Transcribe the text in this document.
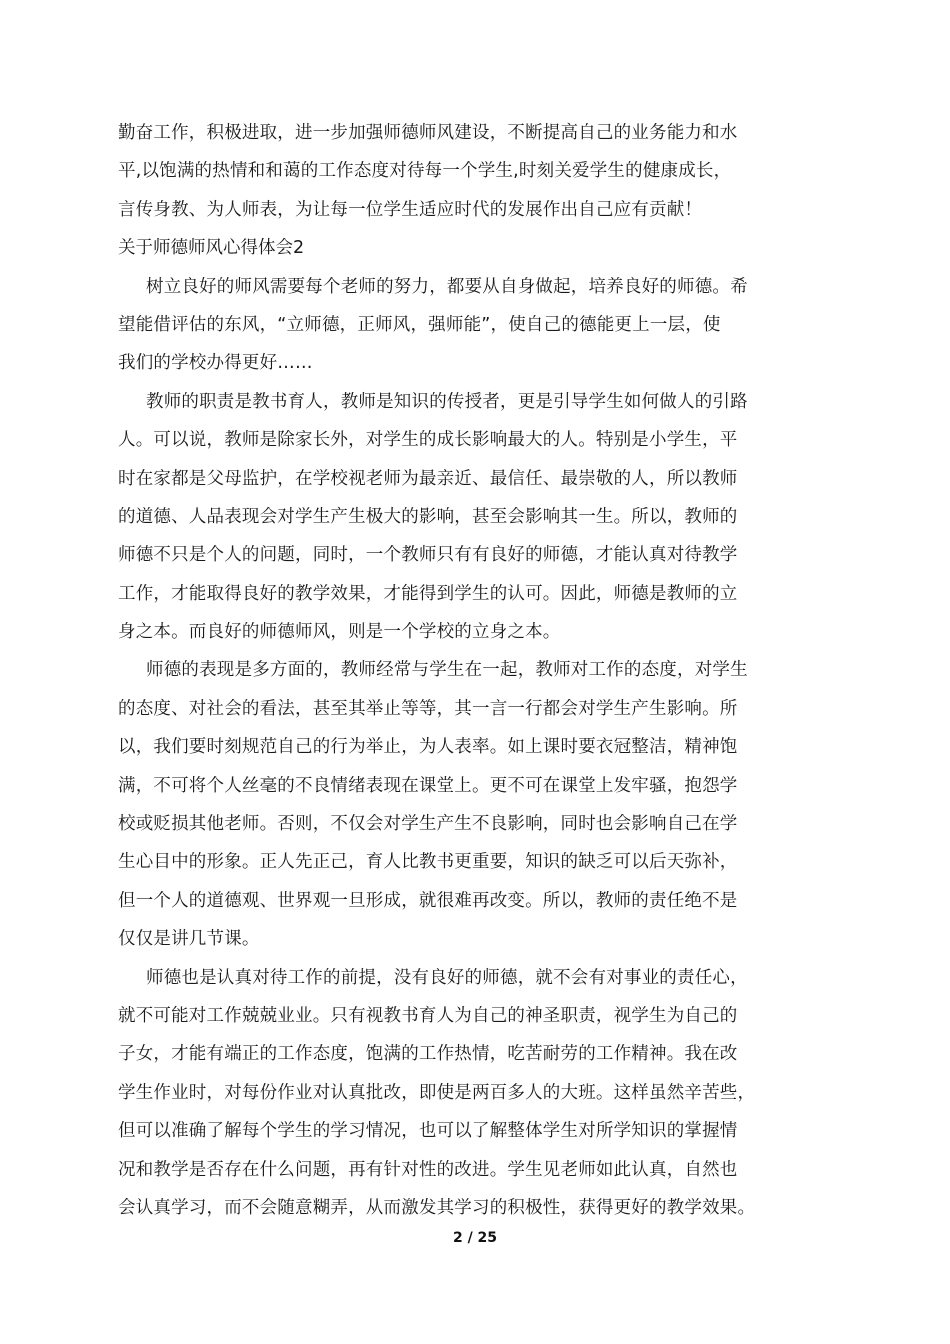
勤奋工作，积极进取，进一步加强师德师风建设，不断提高自己的业务能力和水
平,以饱满的热情和和蔼的工作态度对待每一个学生,时刻关爱学生的健康成长，
言传身教、为人师表，为让每一位学生适应时代的发展作出自己应有贡献！
关于师德师风心得体会2
树立良好的师风需要每个老师的努力，都要从自身做起，培养良好的师德。希
望能借评估的东风，“立师德，正师风，强师能”，使自己的德能更上一层，使
我们的学校办得更好……
教师的职责是教书育人，教师是知识的传授者，更是引导学生如何做人的引路
人。可以说，教师是除家长外，对学生的成长影响最大的人。特别是小学生，平
时在家都是父母监护，在学校视老师为最亲近、最信任、最崇敬的人，所以教师
的道德、人品表现会对学生产生极大的影响，甚至会影响其一生。所以，教师的
师德不只是个人的问题，同时，一个教师只有有良好的师德，才能认真对待教学
工作，才能取得良好的教学效果，才能得到学生的认可。因此，师德是教师的立
身之本。而良好的师德师风，则是一个学校的立身之本。
师德的表现是多方面的，教师经常与学生在一起，教师对工作的态度，对学生
的态度、对社会的看法，甚至其举止等等，其一言一行都会对学生产生影响。所
以，我们要时刻规范自己的行为举止，为人表率。如上课时要衣冠整洁，精神饱
满，不可将个人丝毫的不良情绪表现在课堂上。更不可在课堂上发牢骚，抱怨学
校或贬损其他老师。否则，不仅会对学生产生不良影响，同时也会影响自己在学
生心目中的形象。正人先正己，育人比教书更重要，知识的缺乏可以后天弥补，
但一个人的道德观、世界观一旦形成，就很难再改变。所以，教师的责任绝不是
仅仅是讲几节课。
师德也是认真对待工作的前提，没有良好的师德，就不会有对事业的责任心，
就不可能对工作兢兢业业。只有视教书育人为自己的神圣职责，视学生为自己的
子女，才能有端正的工作态度，饱满的工作热情，吃苦耐劳的工作精神。我在改
学生作业时，对每份作业对认真批改，即使是两百多人的大班。这样虽然辛苦些，
但可以准确了解每个学生的学习情况，也可以了解整体学生对所学知识的掌握情
况和教学是否存在什么问题，再有针对性的改进。学生见老师如此认真，自然也
会认真学习，而不会随意糊弄，从而激发其学习的积极性，获得更好的教学效果。
2 / 25
